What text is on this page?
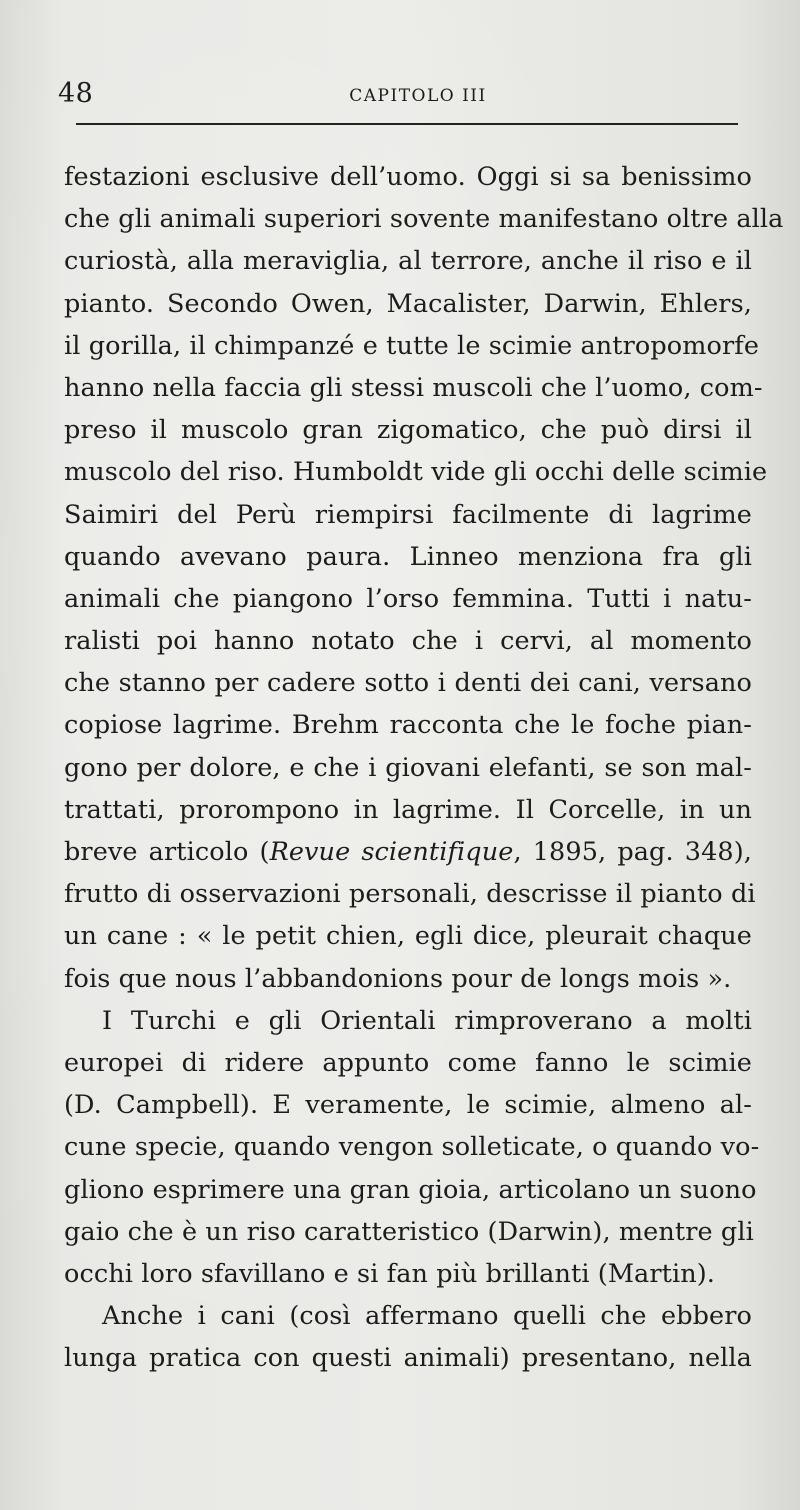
48	CAPITOLO III
festazioni esclusive dell’uomo. Oggi si sa benissimo
che gli animali superiori sovente manifestano oltre alla
curiostà, alla meraviglia, al terrore, anche il riso e il
pianto. Secondo Owen, Macalister, Darwin, Ehlers,
il gorilla, il chimpanzé e tutte le scimie antropomorfe
hanno nella faccia gli stessi muscoli che l’uomo, com-
preso il muscolo gran zigomatico, che può dirsi il
muscolo del riso. Humboldt vide gli occhi delle scimie
Saimiri del Perù riempirsi facilmente di lagrime
quando avevano paura. Linneo menziona fra gli
animali che piangono l’orso femmina. Tutti i natu-
ralisti poi hanno notato che i cervi, al momento
che stanno per cadere sotto i denti dei cani, versano
copiose lagrime. Brehm racconta che le foche pian-
gono per dolore, e che i giovani elefanti, se son mal-
trattati, prorompono in lagrime. Il Corcelle, in un
breve articolo (Revue scientifique, 1895, pag. 348),
frutto di osservazioni personali, descrisse il pianto di
un cane : « le petit chien, egli dice, pleurait chaque
fois que nous l’abbandonions pour de longs mois ».
I Turchi e gli Orientali rimproverano a molti
europei di ridere appunto come fanno le scimie
(D. Campbell). E veramente, le scimie, almeno al-
cune specie, quando vengon solleticate, o quando vo-
gliono esprimere una gran gioia, articolano un suono
gaio che è un riso caratteristico (Darwin), mentre gli
occhi loro sfavillano e si fan più brillanti (Martin).
Anche i cani (così affermano quelli che ebbero
lunga pratica con questi animali) presentano, nella
